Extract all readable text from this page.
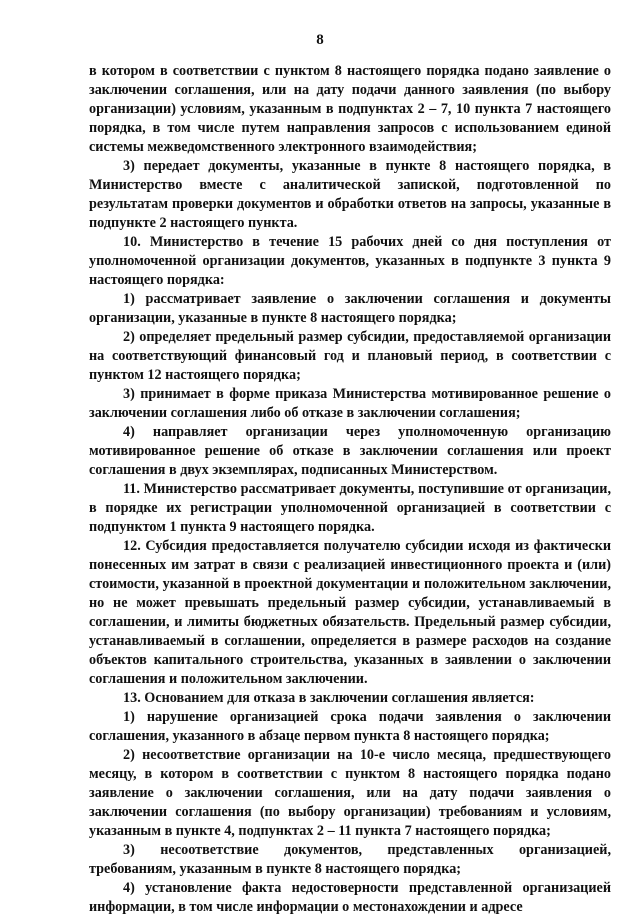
8

в котором в соответствии с пунктом 8 настоящего порядка подано заявление о заключении соглашения, или на дату подачи данного заявления (по выбору организации) условиям, указанным в подпунктах 2 – 7, 10 пункта 7 настоящего порядка, в том числе путем направления запросов с использованием единой системы межведомственного электронного взаимодействия;

3) передает документы, указанные в пункте 8 настоящего порядка, в Министерство вместе с аналитической запиской, подготовленной по результатам проверки документов и обработки ответов на запросы, указанные в подпункте 2 настоящего пункта.

10. Министерство в течение 15 рабочих дней со дня поступления от уполномоченной организации документов, указанных в подпункте 3 пункта 9 настоящего порядка:

1) рассматривает заявление о заключении соглашения и документы организации, указанные в пункте 8 настоящего порядка;

2) определяет предельный размер субсидии, предоставляемой организации на соответствующий финансовый год и плановый период, в соответствии с пунктом 12 настоящего порядка;

3) принимает в форме приказа Министерства мотивированное решение о заключении соглашения либо об отказе в заключении соглашения;

4) направляет организации через уполномоченную организацию мотивированное решение об отказе в заключении соглашения или проект соглашения в двух экземплярах, подписанных Министерством.

11. Министерство рассматривает документы, поступившие от организации, в порядке их регистрации уполномоченной организацией в соответствии с подпунктом 1 пункта 9 настоящего порядка.

12. Субсидия предоставляется получателю субсидии исходя из фактически понесенных им затрат в связи с реализацией инвестиционного проекта и (или) стоимости, указанной в проектной документации и положительном заключении, но не может превышать предельный размер субсидии, устанавливаемый в соглашении, и лимиты бюджетных обязательств. Предельный размер субсидии, устанавливаемый в соглашении, определяется в размере расходов на создание объектов капитального строительства, указанных в заявлении о заключении соглашения и положительном заключении.

13. Основанием для отказа в заключении соглашения является:

1) нарушение организацией срока подачи заявления о заключении соглашения, указанного в абзаце первом пункта 8 настоящего порядка;

2) несоответствие организации на 10-е число месяца, предшествующего месяцу, в котором в соответствии с пунктом 8 настоящего порядка подано заявление о заключении соглашения, или на дату подачи заявления о заключении соглашения (по выбору организации) требованиям и условиям, указанным в пункте 4, подпунктах 2 – 11 пункта 7 настоящего порядка;

3) несоответствие документов, представленных организацией, требованиям, указанным в пункте 8 настоящего порядка;

4) установление факта недостоверности представленной организацией информации, в том числе информации о местонахождении и адресе
